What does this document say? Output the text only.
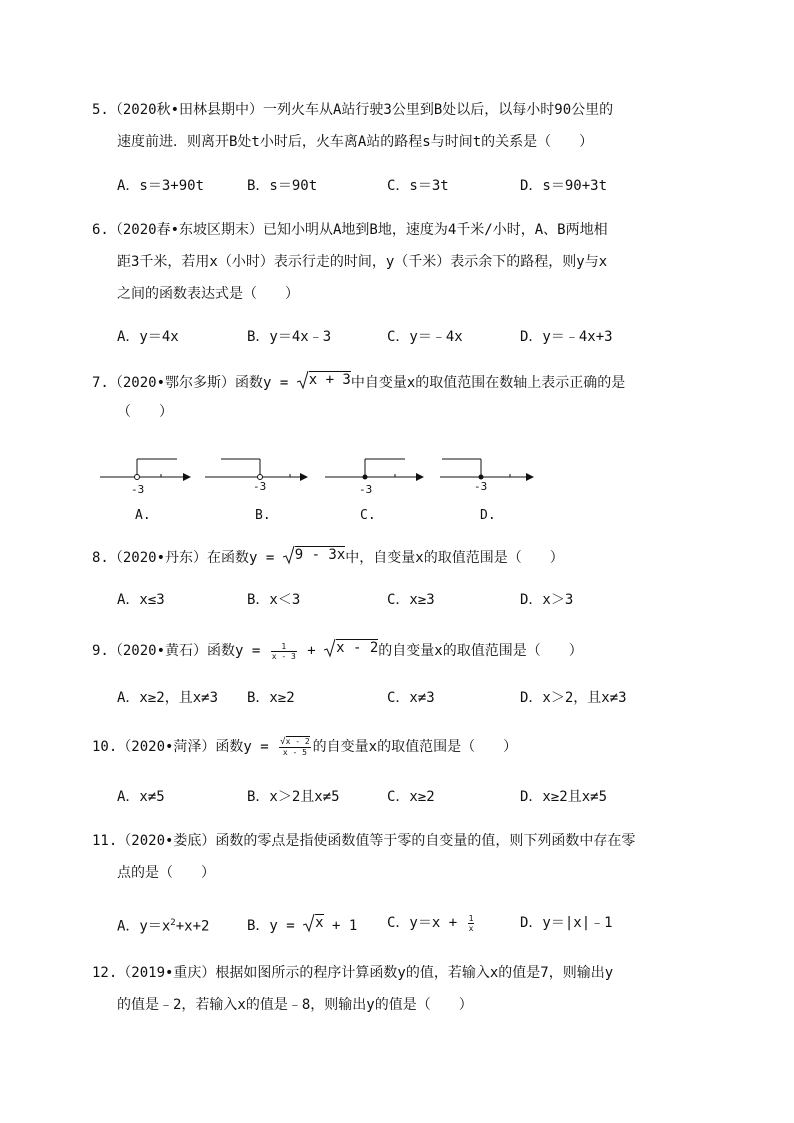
5.（2020秋•田林县期中）一列火车从A站行驶3公里到B处以后，以每小时90公里的
速度前进．则离开B处t小时后，火车离A站的路程s与时间t的关系是（　　）
A．s＝3+90t	B．s＝90t	C．s＝3t	D．s＝90+3t
6.（2020春•东坡区期末）已知小明从A地到B地，速度为4千米/小时，A、B两地相
距3千米，若用x（小时）表示行走的时间，y（千米）表示余下的路程，则y与x
之间的函数表达式是（　　）
A．y＝4x	B．y＝4x﹣3	C．y＝﹣4x	D．y＝﹣4x+3
7.（2020•鄂尔多斯）函数y = x + 3中自变量x的取值范围在数轴上表示正确的是
（　　）
-3
A.
-3
B.
-3
C.
-3
D.
8.（2020•丹东）在函数y = 9 - 3x中，自变量x的取值范围是（　　）
A．x≤3	B．x＜3	C．x≥3	D．x＞3
9.（2020•黄石）函数$y = \frac{1}{x - 3} + x - 2$的自变量x的取值范围是（　　）
A．x≥2，且x≠3 B．x≥2	C．x≠3	D．x＞2，且x≠3
10.（2020•菏泽）函数$y = \frac{√x - 2}{x - 5}$ 的自变量x的取值范围是（　　）
A．x≠5	B．x＞2且x≠5	C．x≥2	D．x≥2且x≠5
11.（2020•娄底）函数的零点是指使函数值等于零的自变量的值，则下列函数中存在零
点的是（　　）
A．$y=x^2+x+2$	B．y = x + 1 C．$y=x + \frac{1}{x}$	D．y＝|x|﹣1
12.（2019•重庆）根据如图所示的程序计算函数y的值，若输入x的值是7，则输出y
的值是﹣2，若输入x的值是﹣8，则输出y的值是（　　）
